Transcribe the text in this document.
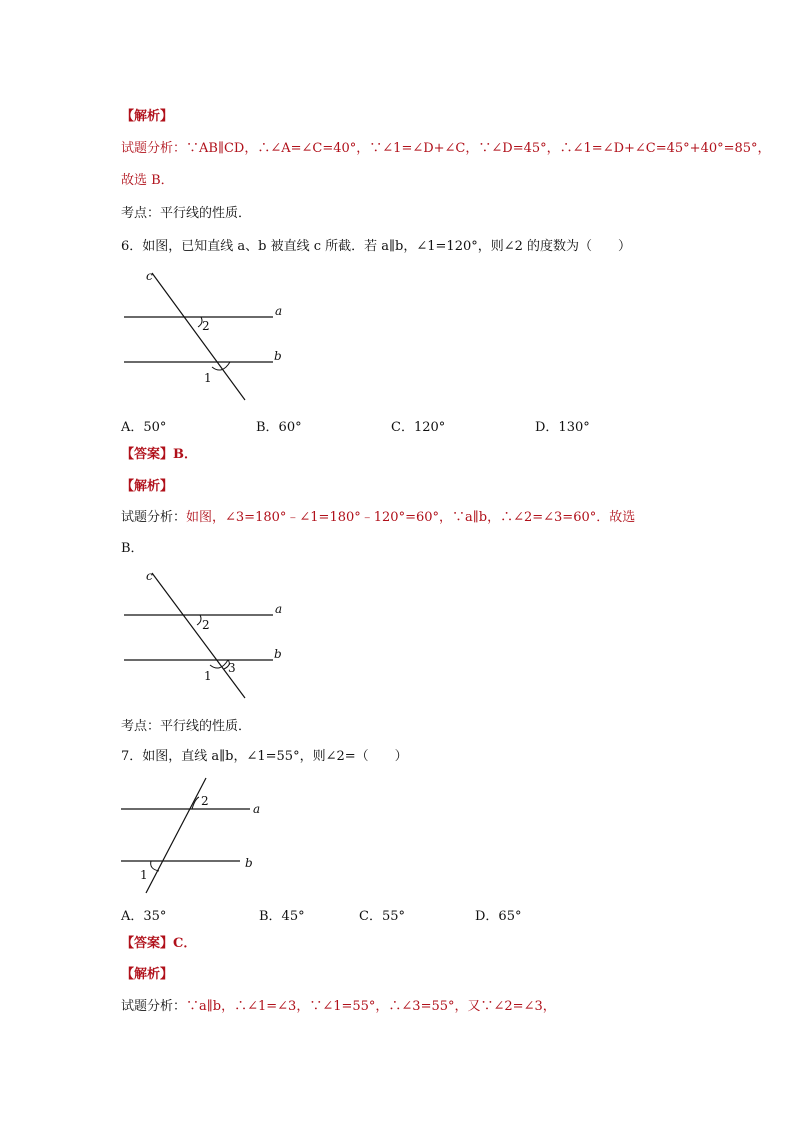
【解析】
试题分析：∵AB∥CD，∴∠A=∠C=40°，∵∠1=∠D+∠C，∵∠D=45°，∴∠1=∠D+∠C=45°+40°=85°，
故选 B．
考点：平行线的性质．
6．如图，已知直线 a、b 被直线 c 所截．若 a∥b，∠1=120°，则∠2 的度数为（　　）
c
a
b
2
1
A．50°	B．60°	C．120°	D．130°
【答案】B．
【解析】
试题分析：如图，∠3=180°﹣∠1=180°﹣120°=60°，∵a∥b，∴∠2=∠3=60°．故选
B．
c
a
b
2
1
3
考点：平行线的性质．
7．如图，直线 a∥b，∠1=55°，则∠2=（　　）
2
a
b
1
A．35°	B．45°	C．55°	D．65°
【答案】C．
【解析】
试题分析：∵a∥b，∴∠1=∠3，∵∠1=55°，∴∠3=55°，又∵∠2=∠3，
